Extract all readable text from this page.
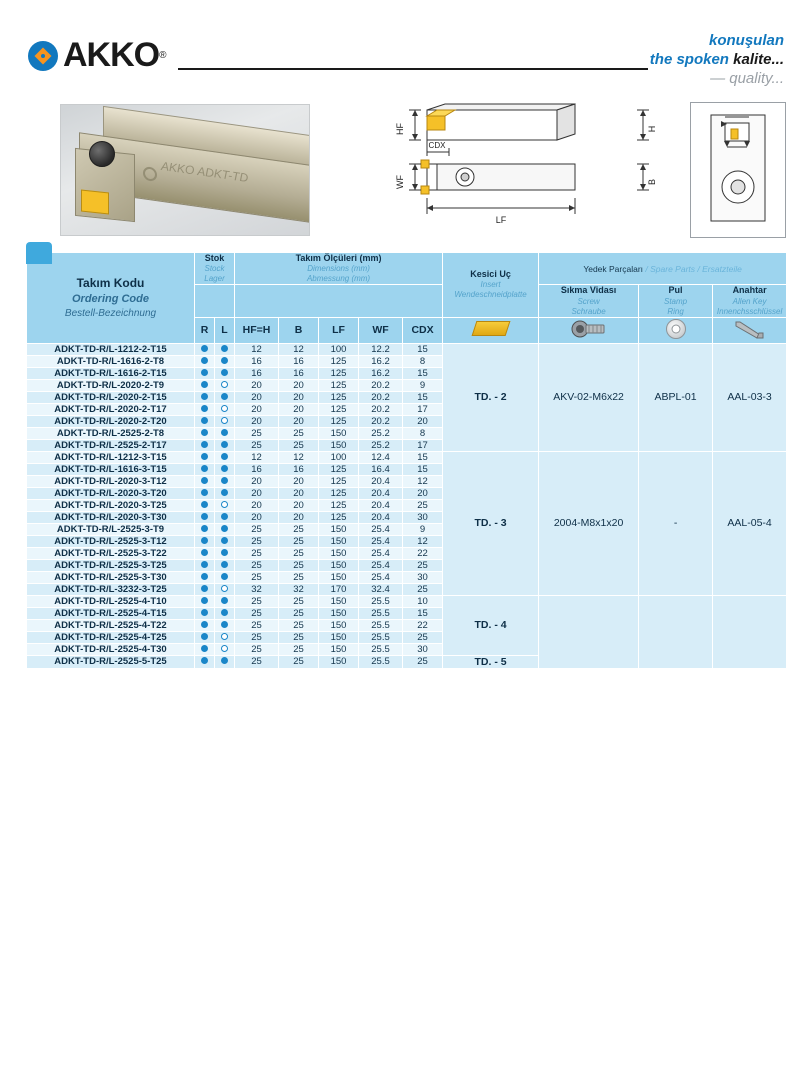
AKKO ®
konuşulan
the spoken kalite...
— quality...
AKKO ADKT-TD
HF
WF
CDX
LF
H
B
Takım Kodu
Ordering Code
Bestell-Bezeichnung

Stok
Stock
Lager

Takım Ölçüleri (mm)
Dimensions (mm)
Abmessung (mm)	Kesici Uç
Insert
Wendeschneidplatte
	Yedek Parçaları / Spare Parts / Ersatzteile

Sıkma Vidası
Screw
Schraube

Pul
Stamp
Ring

Anahtar
Allen Key
Innenchsschlüssel

	R	L	HF=H	B	LF	WF	CDX				
ADKT-TD-R/L-1212-2-T15			12	12	100	12.2	15	TD. - 2	AKV-02-M6x22	ABPL-01	AAL-03-3
ADKT-TD-R/L-1616-2-T8			16	16	125	16.2	8				
ADKT-TD-R/L-1616-2-T15			16	16	125	16.2	15				
ADKT-TD-R/L-2020-2-T9			20	20	125	20.2	9				
ADKT-TD-R/L-2020-2-T15			20	20	125	20.2	15				
ADKT-TD-R/L-2020-2-T17			20	20	125	20.2	17				
ADKT-TD-R/L-2020-2-T20			20	20	125	20.2	20				
ADKT-TD-R/L-2525-2-T8			25	25	150	25.2	8				
ADKT-TD-R/L-2525-2-T17			25	25	150	25.2	17				
ADKT-TD-R/L-1212-3-T15			12	12	100	12.4	15	TD. - 3	2004-M8x1x20	-	AAL-05-4
ADKT-TD-R/L-1616-3-T15			16	16	125	16.4	15				
ADKT-TD-R/L-2020-3-T12			20	20	125	20.4	12				
ADKT-TD-R/L-2020-3-T20			20	20	125	20.4	20				
ADKT-TD-R/L-2020-3-T25			20	20	125	20.4	25				
ADKT-TD-R/L-2020-3-T30			20	20	125	20.4	30				
ADKT-TD-R/L-2525-3-T9			25	25	150	25.4	9				
ADKT-TD-R/L-2525-3-T12			25	25	150	25.4	12				
ADKT-TD-R/L-2525-3-T22			25	25	150	25.4	22				
ADKT-TD-R/L-2525-3-T25			25	25	150	25.4	25				
ADKT-TD-R/L-2525-3-T30			25	25	150	25.4	30				
ADKT-TD-R/L-3232-3-T25			32	32	170	32.4	25				
ADKT-TD-R/L-2525-4-T10			25	25	150	25.5	10	TD. - 4			
ADKT-TD-R/L-2525-4-T15			25	25	150	25.5	15				
ADKT-TD-R/L-2525-4-T22			25	25	150	25.5	22				
ADKT-TD-R/L-2525-4-T25			25	25	150	25.5	25				
ADKT-TD-R/L-2525-4-T30			25	25	150	25.5	30				
ADKT-TD-R/L-2525-5-T25			25	25	150	25.5	25	TD. - 5			
